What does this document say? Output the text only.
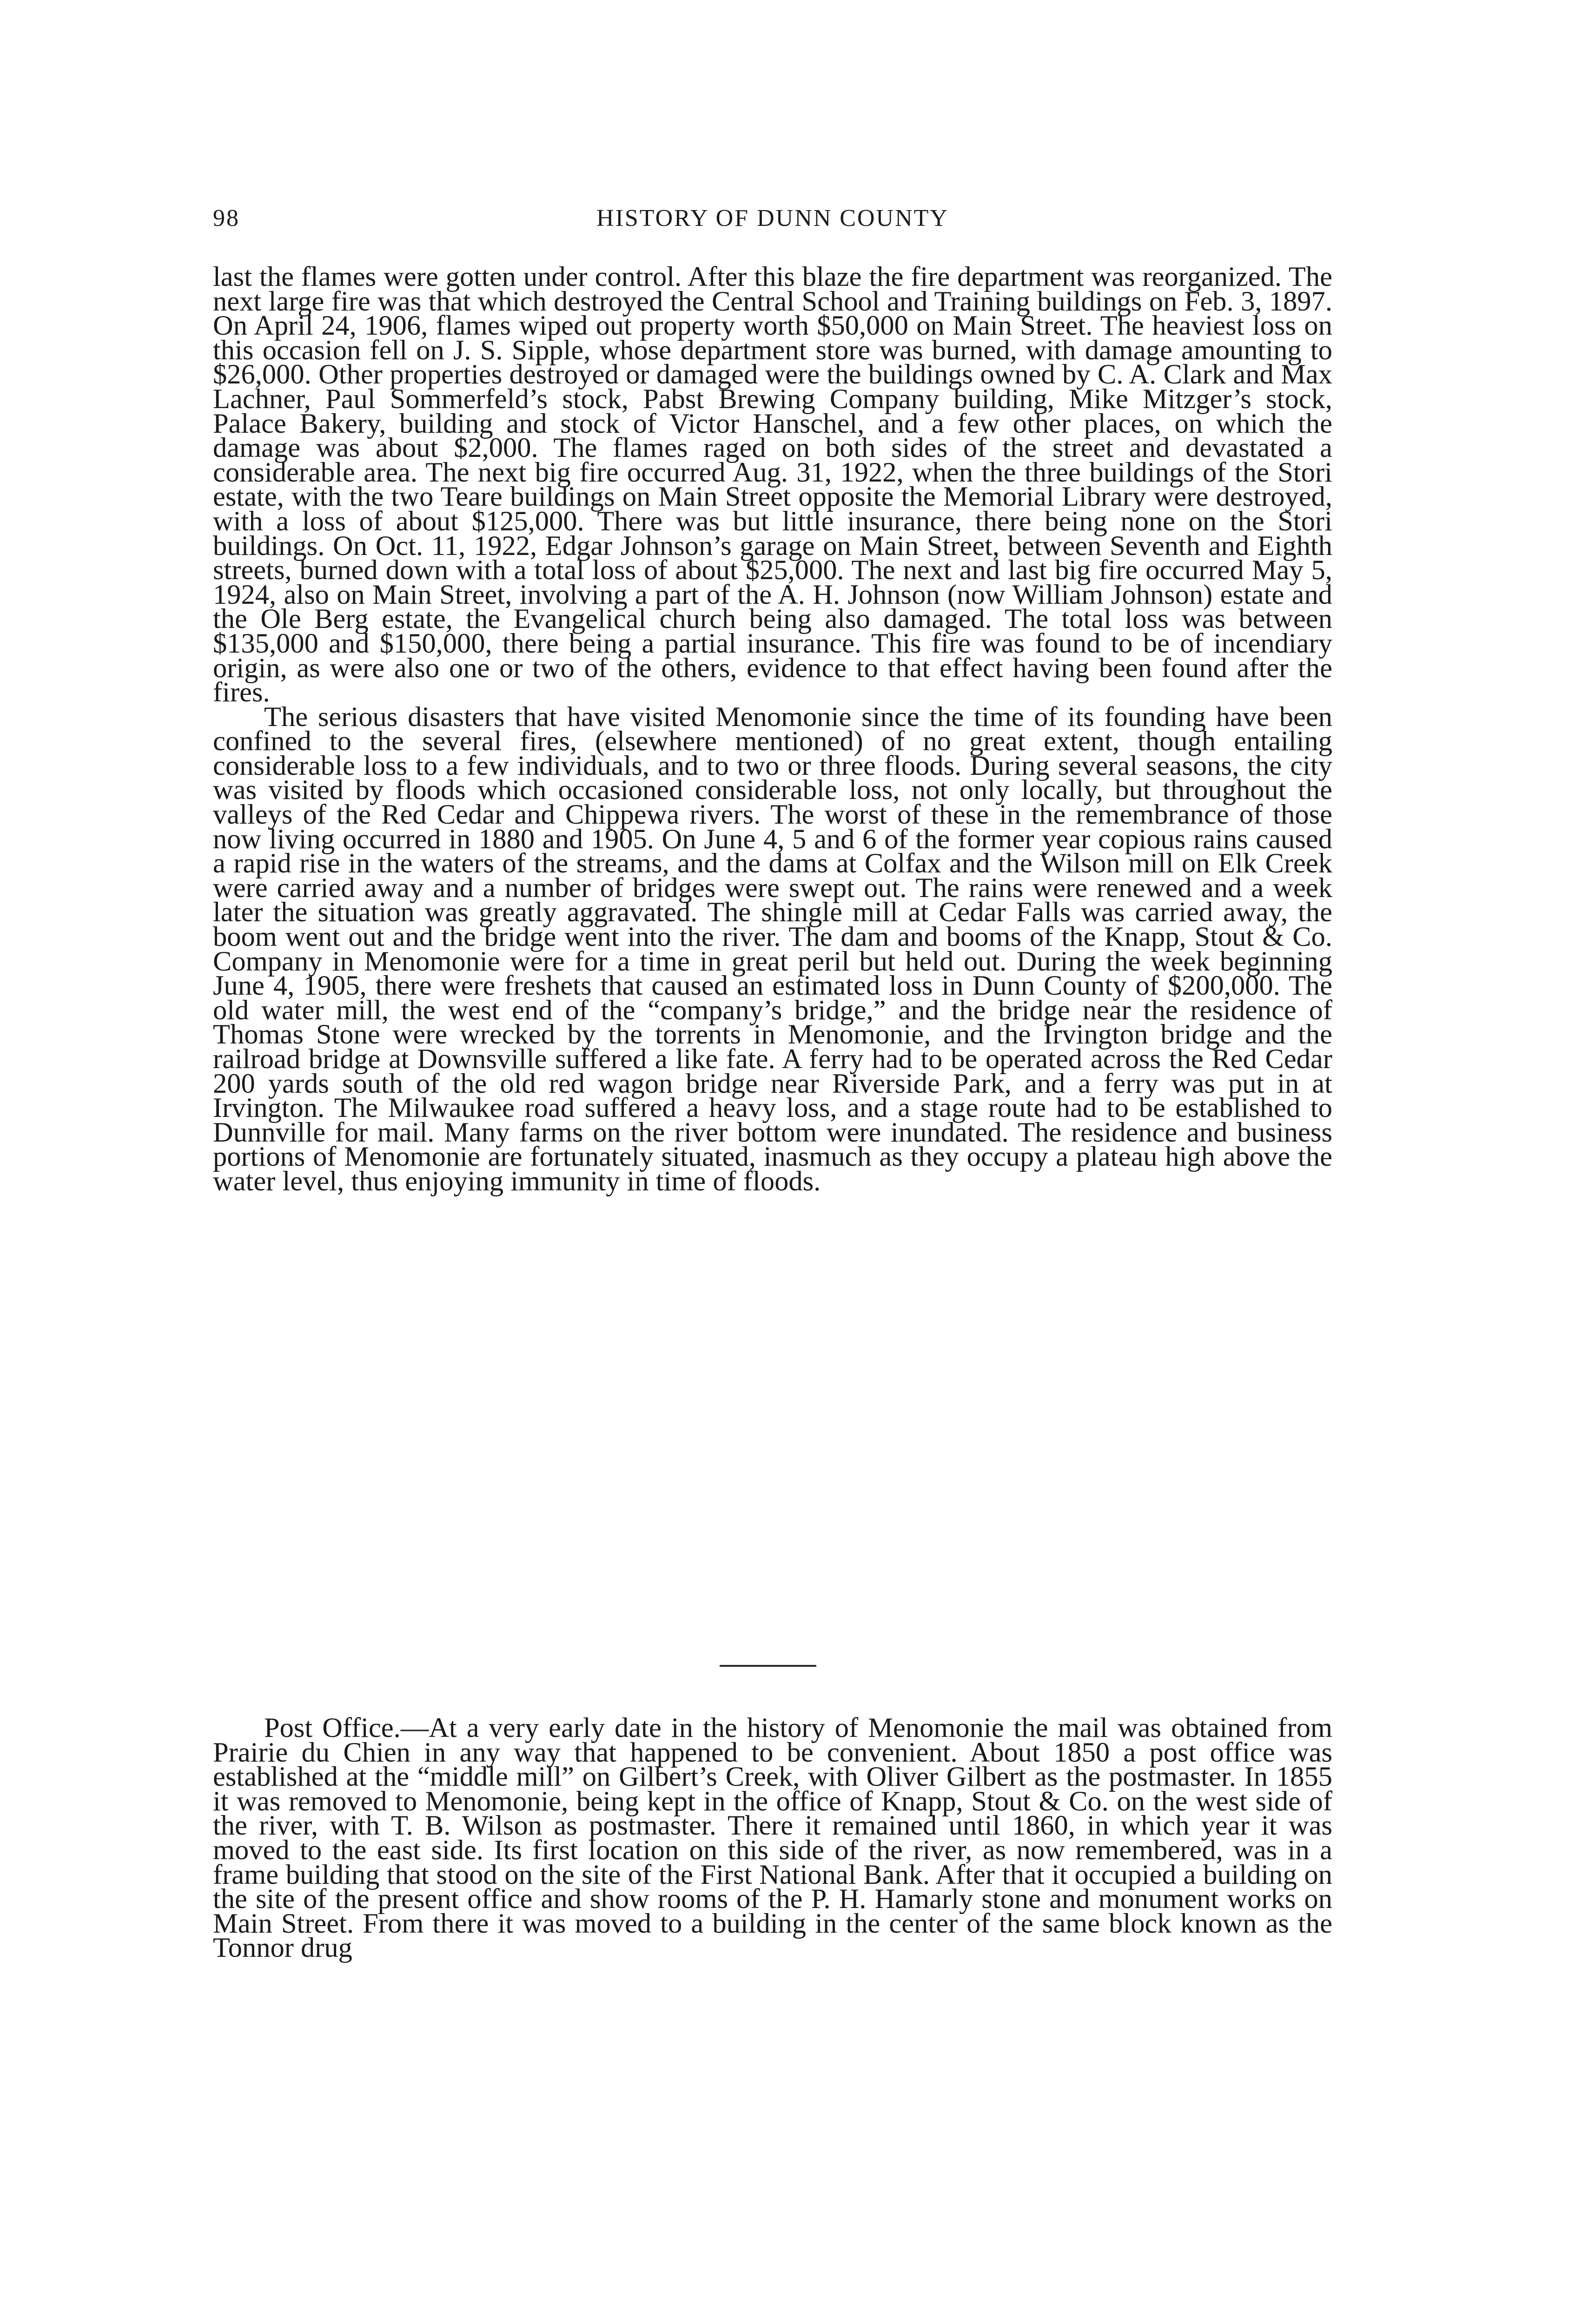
98	HISTORY OF DUNN COUNTY

last the flames were gotten under control. After this blaze the fire department was reorganized. The next large fire was that which destroyed the Central School and Training buildings on Feb. 3, 1897. On April 24, 1906, flames wiped out property worth $50,000 on Main Street. The heaviest loss on this occasion fell on J. S. Sipple, whose department store was burned, with damage amounting to $26,000. Other properties destroyed or damaged were the buildings owned by C. A. Clark and Max Lachner, Paul Sommerfeld’s stock, Pabst Brewing Company building, Mike Mitzger’s stock, Palace Bakery, building and stock of Victor Hanschel, and a few other places, on which the damage was about $2,000. The flames raged on both sides of the street and devastated a considerable area. The next big fire occurred Aug. 31, 1922, when the three buildings of the Stori estate, with the two Teare buildings on Main Street opposite the Memorial Library were destroyed, with a loss of about $125,000. There was but little insurance, there being none on the Stori buildings. On Oct. 11, 1922, Edgar Johnson’s garage on Main Street, between Seventh and Eighth streets, burned down with a total loss of about $25,000. The next and last big fire occurred May 5, 1924, also on Main Street, involving a part of the A. H. Johnson (now William Johnson) estate and the Ole Berg estate, the Evangelical church being also damaged. The total loss was between $135,000 and $150,000, there being a partial insurance. This fire was found to be of incendiary origin, as were also one or two of the others, evidence to that effect having been found after the fires.

The serious disasters that have visited Menomonie since the time of its founding have been confined to the several fires, (elsewhere mentioned) of no great extent, though entailing considerable loss to a few individuals, and to two or three floods. During several seasons, the city was visited by floods which occasioned considerable loss, not only locally, but throughout the valleys of the Red Cedar and Chippewa rivers. The worst of these in the remembrance of those now living occurred in 1880 and 1905. On June 4, 5 and 6 of the former year copious rains caused a rapid rise in the waters of the streams, and the dams at Colfax and the Wilson mill on Elk Creek were carried away and a number of bridges were swept out. The rains were renewed and a week later the situation was greatly aggravated. The shingle mill at Cedar Falls was carried away, the boom went out and the bridge went into the river. The dam and booms of the Knapp, Stout & Co. Company in Menomonie were for a time in great peril but held out. During the week beginning June 4, 1905, there were freshets that caused an estimated loss in Dunn County of $200,000. The old water mill, the west end of the “company’s bridge,” and the bridge near the residence of Thomas Stone were wrecked by the torrents in Menomonie, and the Irvington bridge and the railroad bridge at Downsville suffered a like fate. A ferry had to be operated across the Red Cedar 200 yards south of the old red wagon bridge near Riverside Park, and a ferry was put in at Irvington. The Milwaukee road suffered a heavy loss, and a stage route had to be established to Dunnville for mail. Many farms on the river bottom were inundated. The residence and business portions of Menomonie are fortunately situated, inasmuch as they occupy a plateau high above the water level, thus enjoying immunity in time of floods.

Post Office.—At a very early date in the history of Menomonie the mail was obtained from Prairie du Chien in any way that happened to be convenient. About 1850 a post office was established at the “middle mill” on Gilbert’s Creek, with Oliver Gilbert as the postmaster. In 1855 it was removed to Menomonie, being kept in the office of Knapp, Stout & Co. on the west side of the river, with T. B. Wilson as postmaster. There it remained until 1860, in which year it was moved to the east side. Its first location on this side of the river, as now remembered, was in a frame building that stood on the site of the First National Bank. After that it occupied a building on the site of the present office and show rooms of the P. H. Hamarly stone and monument works on Main Street. From there it was moved to a building in the center of the same block known as the Tonnor drug
